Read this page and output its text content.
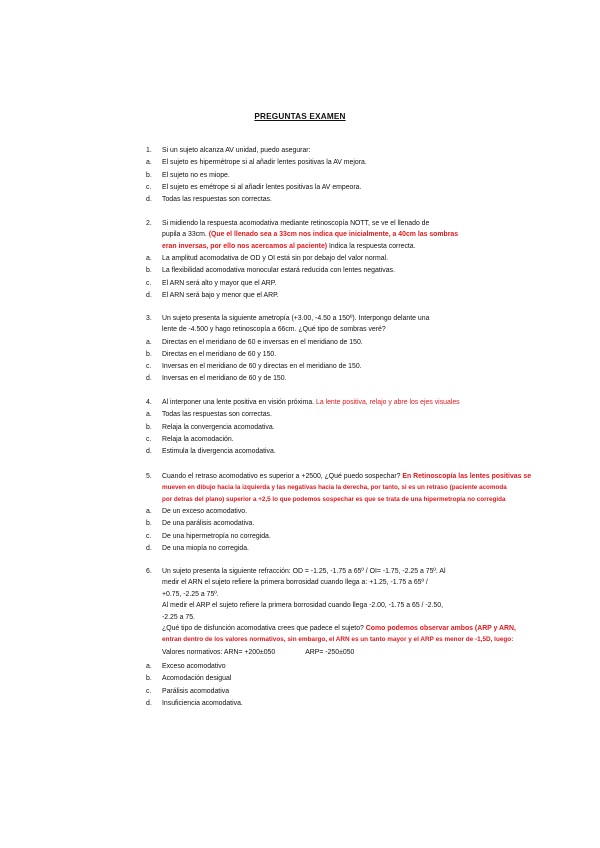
PREGUNTAS EXAMEN
1.	Si un sujeto alcanza AV unidad, puedo asegurar:
a.	El sujeto es hipermétrope si al añadir lentes positivas la AV mejora.
b.	El sujeto no es miope.
c.	El sujeto es emétrope si al añadir lentes positivas la AV empeora.
d.	Todas las respuestas son correctas.
2.	Si midiendo la respuesta acomodativa mediante retinoscopía NOTT, se ve el llenado de
pupila a 33cm. (Que el llenado sea a 33cm nos indica que inicialmente, a 40cm las sombras
eran inversas, por ello nos acercamos al paciente) Indica la respuesta correcta.
a.	La amplitud acomodativa de OD y OI está sin por debajo del valor normal.
b.	La flexibilidad acomodativa monocular estará reducida con lentes negativas.
c.	El ARN será alto y mayor que el ARP.
d.	El ARN será bajo y menor que el ARP.
3.	Un sujeto presenta la siguiente ametropía (+3.00, -4.50 a 150º). Interpongo delante una
lente de -4.500 y hago retinoscopía a 66cm. ¿Qué tipo de sombras veré?
a.	Directas en el meridiano de 60 e inversas en el meridiano de 150.
b.	Directas en el meridiano de 60 y 150.
c.	Inversas en el meridiano de 60 y directas en el meridiano de 150.
d.	Inversas en el meridiano de 60 y de 150.
4.	Al interponer una lente positiva en visión próxima. La lente positiva, relajo y abre los ejes visuales
a.	Todas las respuestas son correctas.
b.	Relaja la convergencia acomodativa.
c.	Relaja la acomodación.
d.	Estimula la divergencia acomodativa.
5.	Cuando el retraso acomodativo es superior a +2500, ¿Qué puedo sospechar? En Retinoscopía las lentes positivas se
mueven en dibujo hacia la izquierda y las negativas hacia la derecha, por tanto, si es un retraso (paciente acomoda
por detras del plano) superior a +2,5 lo que podemos sospechar es que se trata de una hipermetropía no corregida
a.	De un exceso acomodativo.
b.	De una parálisis acomodativa.
c.	De una hipermetropía no corregida.
d.	De una miopía no corregida.
6.	Un sujeto presenta la siguiente refracción: OD = -1.25, -1.75 a 65º / OI= -1.75, -2.25 a 75º. Al
medir el ARN el sujeto refiere la primera borrosidad cuando llega a: +1.25, -1.75 a 65º /
+0.75, -2.25 a 75º.
Al medir el ARP el sujeto refiere la primera borrosidad cuando llega -2.00, -1.75 a 65 / -2.50,
-2.25 a 75.
¿Qué tipo de disfunción acomodativa crees que padece el sujeto? Como podemos observar ambos (ARP y ARN,
entran dentro de los valores normativos, sin embargo, el ARN es un tanto mayor y el ARP es menor de -1,5D, luego:
Valores normativos: ARN= +200±050	ARP= -250±050
a.	Exceso acomodativo
b.	Acomodación desigual
c.	Parálisis acomodativa
d.	Insuficiencia acomodativa.
